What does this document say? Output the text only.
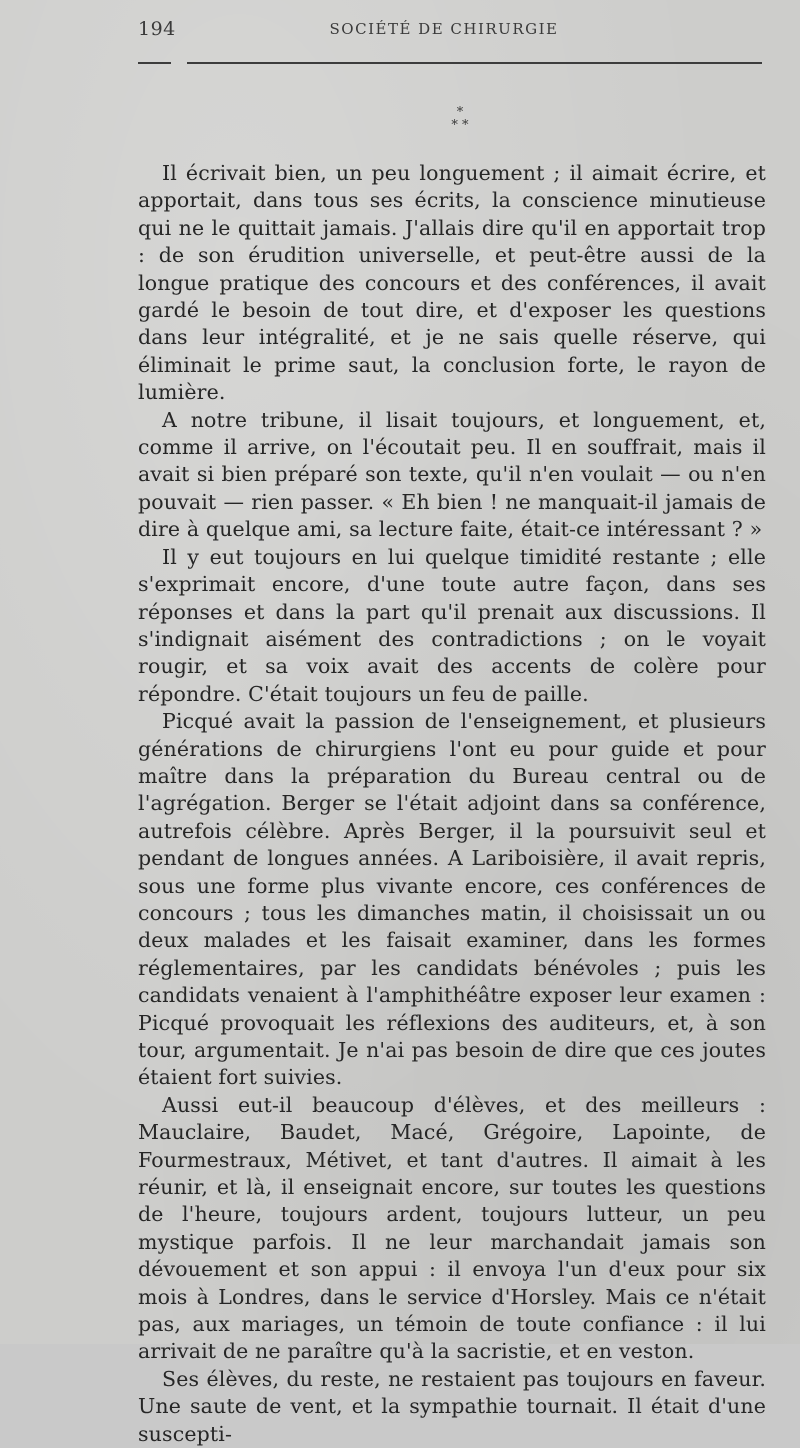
194	SOCIÉTÉ DE CHIRURGIE
*
* *

Il écrivait bien, un peu longuement ; il aimait écrire, et apportait, dans tous ses écrits, la conscience minutieuse qui ne le quittait jamais. J'allais dire qu'il en apportait trop : de son érudition universelle, et peut-être aussi de la longue pratique des concours et des conférences, il avait gardé le besoin de tout dire, et d'exposer les questions dans leur intégralité, et je ne sais quelle réserve, qui éliminait le prime saut, la conclusion forte, le rayon de lumière.

A notre tribune, il lisait toujours, et longuement, et, comme il arrive, on l'écoutait peu. Il en souffrait, mais il avait si bien préparé son texte, qu'il n'en voulait — ou n'en pouvait — rien passer. « Eh bien ! ne manquait-il jamais de dire à quelque ami, sa lecture faite, était-ce intéressant ? »

Il y eut toujours en lui quelque timidité restante ; elle s'exprimait encore, d'une toute autre façon, dans ses réponses et dans la part qu'il prenait aux discussions. Il s'indignait aisément des contradictions ; on le voyait rougir, et sa voix avait des accents de colère pour répondre. C'était toujours un feu de paille.

Picqué avait la passion de l'enseignement, et plusieurs générations de chirurgiens l'ont eu pour guide et pour maître dans la préparation du Bureau central ou de l'agrégation. Berger se l'était adjoint dans sa conférence, autrefois célèbre. Après Berger, il la poursuivit seul et pendant de longues années. A Lariboisière, il avait repris, sous une forme plus vivante encore, ces conférences de concours ; tous les dimanches matin, il choisissait un ou deux malades et les faisait examiner, dans les formes réglementaires, par les candidats bénévoles ; puis les candidats venaient à l'amphithéâtre exposer leur examen : Picqué provoquait les réflexions des auditeurs, et, à son tour, argumentait. Je n'ai pas besoin de dire que ces joutes étaient fort suivies.

Aussi eut-il beaucoup d'élèves, et des meilleurs : Mauclaire, Baudet, Macé, Grégoire, Lapointe, de Fourmestraux, Métivet, et tant d'autres. Il aimait à les réunir, et là, il enseignait encore, sur toutes les questions de l'heure, toujours ardent, toujours lutteur, un peu mystique parfois. Il ne leur marchandait jamais son dévouement et son appui : il envoya l'un d'eux pour six mois à Londres, dans le service d'Horsley. Mais ce n'était pas, aux mariages, un témoin de toute confiance : il lui arrivait de ne paraître qu'à la sacristie, et en veston.

Ses élèves, du reste, ne restaient pas toujours en faveur. Une saute de vent, et la sympathie tournait. Il était d'une suscepti-
